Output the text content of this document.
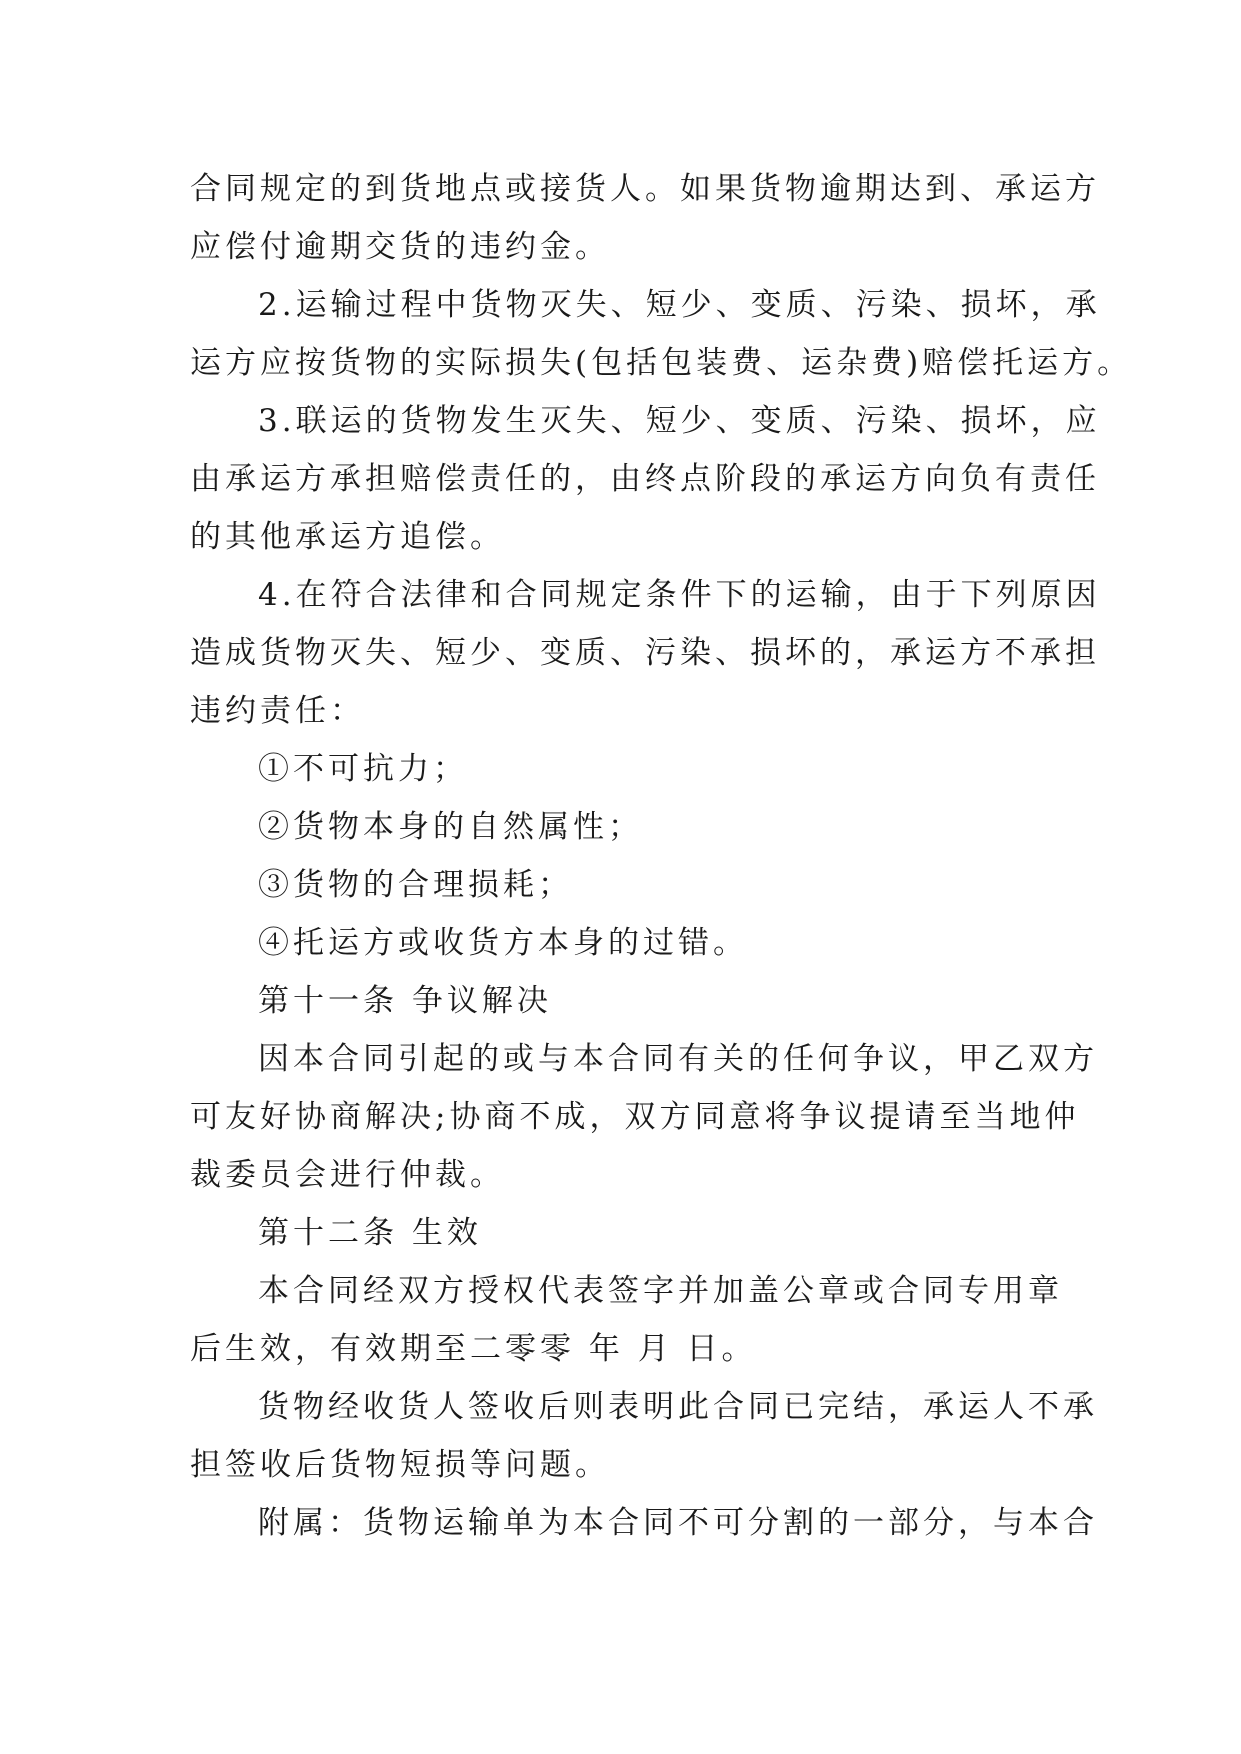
合同规定的到货地点或接货人。如果货物逾期达到、承运方
应偿付逾期交货的违约金。
2.运输过程中货物灭失、短少、变质、污染、损坏，承
运方应按货物的实际损失(包括包装费、运杂费)赔偿托运方。
3.联运的货物发生灭失、短少、变质、污染、损坏，应
由承运方承担赔偿责任的，由终点阶段的承运方向负有责任
的其他承运方追偿。
4.在符合法律和合同规定条件下的运输，由于下列原因
造成货物灭失、短少、变质、污染、损坏的，承运方不承担
违约责任：
①不可抗力；
②货物本身的自然属性；
③货物的合理损耗；
④托运方或收货方本身的过错。
第十一条 争议解决
因本合同引起的或与本合同有关的任何争议，甲乙双方
可友好协商解决;协商不成，双方同意将争议提请至当地仲
裁委员会进行仲裁。
第十二条 生效
本合同经双方授权代表签字并加盖公章或合同专用章
后生效，有效期至二零零 年 月 日。
货物经收货人签收后则表明此合同已完结，承运人不承
担签收后货物短损等问题。
附属：货物运输单为本合同不可分割的一部分，与本合
